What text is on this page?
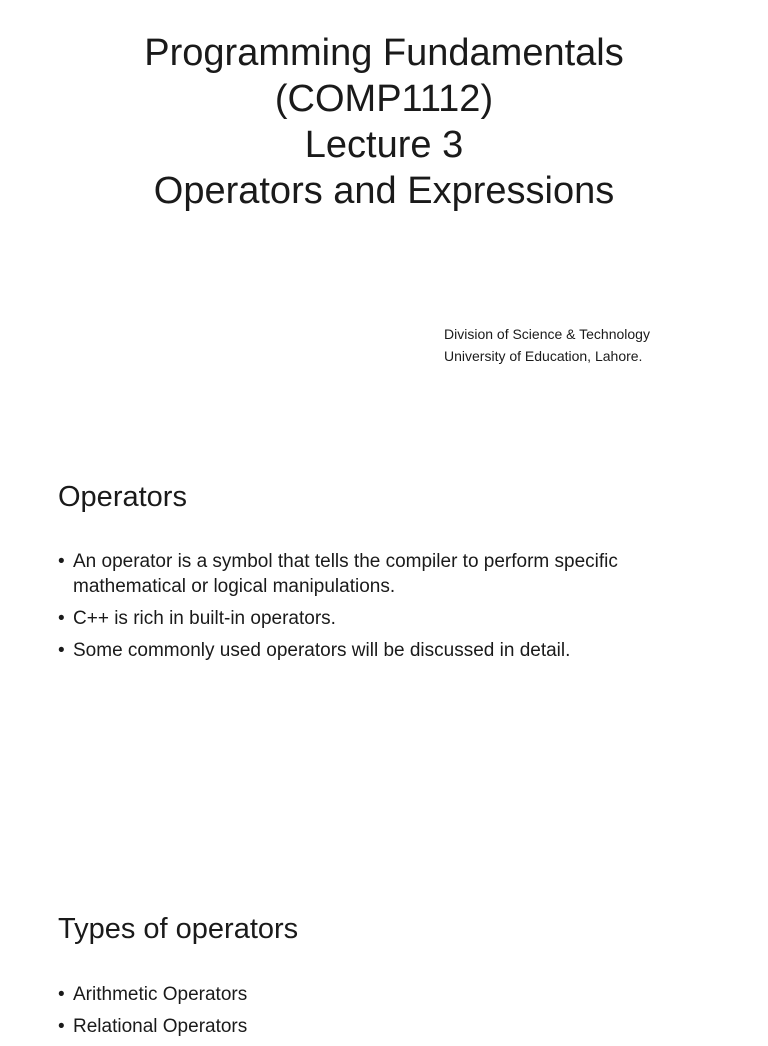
Programming Fundamentals
(COMP1112)
Lecture 3
Operators and Expressions
Division of Science & Technology
University of Education, Lahore.
Operators
• An operator is a symbol that tells the compiler to perform specific mathematical or logical manipulations.
• C++ is rich in built-in operators.
• Some commonly used operators will be discussed in detail.
Types of operators
• Arithmetic Operators
• Relational Operators
